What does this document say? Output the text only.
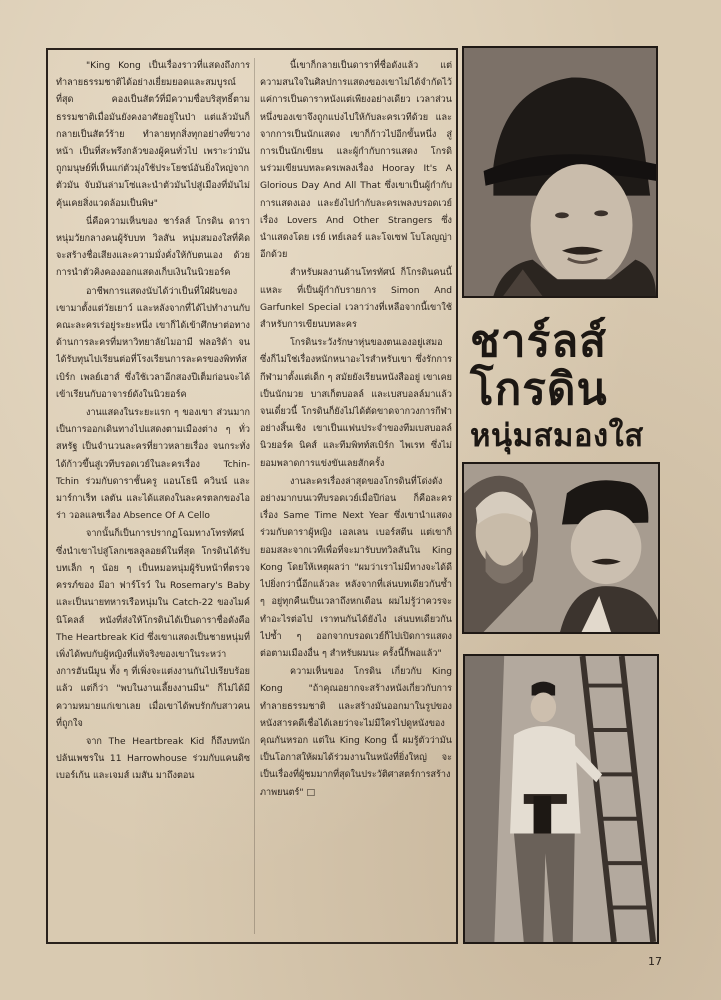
"King Kong เป็นเรื่องราวที่แสดงถึงการทำลายธรรมชาติได้อย่างเยี่ยมยอดและสมบูรณ์ที่สุด คองเป็นสัตว์ที่มีความซื่อบริสุทธิ์ตามธรรมชาติเมื่อมันยังคงอาศัยอยู่ในป่า แต่แล้วมันก็กลายเป็นสัตว์ร้าย ทำลายทุกสิ่งทุกอย่างที่ขวางหน้า เป็นที่สะพรึงกลัวของผู้คนทั่วไป เพราะว่ามันถูกมนุษย์ที่เห็นแก่ตัวมุ่งใช้ประโยชน์อันยิ่งใหญ่จากตัวมัน จับมันล่ามโซ่และนำตัวมันไปสู่เมืองที่มันไม่คุ้นเคยสิ่งแวดล้อมเป็นพิษ"

นี่คือความเห็นของ ชาร์ลส์ โกรดิน ดาราหนุ่มวัยกลางคนผู้รับบท วิลสัน หนุ่มสมองใสที่คิดจะสร้างชื่อเสียงและความมั่งคั่งให้กับตนเอง ด้วยการนำตัวคิงคองออกแสดงเก็บเงินในนิวยอร์ค

อาชีพการแสดงนับได้ว่าเป็นที่ใฝ่ฝันของเขามาตั้งแต่วัยเยาว์ และหลังจากที่ได้ไปทำงานกับคณะละครเร่อยู่ระยะหนึ่ง เขาก็ได้เข้าศึกษาต่อทางด้านการละครที่มหาวิทยาลัยไมอามี ฟลอริด้า จนได้รับทุนไปเรียนต่อที่โรงเรียนการละครของพิทท์สเบิร์ก เพลย์เฮาส์ ซึ่งใช้เวลาอีกสองปีเต็มก่อนจะได้เข้าเรียนกับอาจารย์ดังในนิวยอร์ค

งานแสดงในระยะแรก ๆ ของเขา ส่วนมากเป็นการออกเดินทางไปแสดงตามเมืองต่าง ๆ ทั่วสหรัฐ เป็นจำนวนละครที่ยาวหลายเรื่อง จนกระทั่งได้ก้าวขึ้นสู่เวทีบรอดเวย์ในละครเรื่อง Tchin-Tchin ร่วมกับดาราชั้นครู แอนโธนี ควินน์ และมาร์กาเร็ท เลตัน และได้แสดงในละครตลกของไอร่า วอลแลชเรื่อง Absence Of A Cello

จากนั้นก็เป็นการปรากฏโฉมทางโทรทัศน์ ซึ่งนำเขาไปสู่โลกเซลลูลอยด์ในที่สุด โกรดินได้รับบทเล็ก ๆ น้อย ๆ เป็นหมอหนุ่มผู้รับหน้าที่ตรวจครรภ์ของ มีอา ฟาร์โรว์ ใน Rosemary's Baby และเป็นนายทหารเรือหนุ่มใน Catch-22 ของไมค์ นิโคลส์ หนังที่ส่งให้โกรดินได้เป็นดาราชื่อดังคือ The Heartbreak Kid ซึ่งเขาแสดงเป็นชายหนุ่มที่เพิ่งได้พบกับผู้หญิงที่แท้จริงของเขาในระหว่างการฮันนีมูน ทั้ง ๆ ที่เพิ่งจะแต่งงานกันไปเรียบร้อยแล้ว แต่ก็ว่า "พบในงานเลี้ยงงานมีน" ก็ไม่ได้มีความหมายแก่เขาเลย เมื่อเขาได้พบรักกับสาวคนที่ถูกใจ

จาก The Heartbreak Kid ก็ถึงบทนักปล้นเพชรใน 11 Harrowhouse ร่วมกับแคนดิซ เบอร์เก้น และเจมส์ เมสัน มาถึงตอน

นี้เขาก็กลายเป็นดาราที่ชื่อดังแล้ว แต่ความสนใจในศิลปการแสดงของเขาไม่ได้จำกัดไว้ แค่การเป็นดาราหนังแต่เพียงอย่างเดียว เวลาส่วนหนึ่งของเขาจึงถูกแบ่งไปให้กับละครเวทีด้วย และจากการเป็นนักแสดง เขาก็ก้าวไปอีกขั้นหนึ่ง สู่การเป็นนักเขียน และผู้กำกับการแสดง โกรดินร่วมเขียนบทละครเพลงเรื่อง Hooray It's A Glorious Day And All That ซึ่งเขาเป็นผู้กำกับการแสดงเอง และยังไปกำกับละครเพลงบรอดเวย์เรื่อง Lovers And Other Strangers ซึ่งนำแสดงโดย เรย์ เทย์เลอร์ และโจเซฟ โบโลญญ่า อีกด้วย

สำหรับผลงานด้านโทรทัศน์ ก็โกรดินคนนี้แหละ ที่เป็นผู้กำกับรายการ Simon And Garfunkel Special เวลาว่างที่เหลือจากนี้เขาใช้สำหรับการเขียนบทละคร

โกรดินระวังรักษาหุ่นของตนเองอยู่เสมอ ซึ่งก็ไม่ใช่เรื่องหนักหนาอะไรสำหรับเขา ซึ่งรักการกีฬามาตั้งแต่เด็ก ๆ สมัยยังเรียนหนังสืออยู่ เขาเคยเป็นนักมวย บาสเก็ตบอลล์ และเบสบอลล์มาแล้ว จนเดี๋ยวนี้ โกรดินก็ยังไม่ได้ตัดขาดจากวงการกีฬาอย่างสิ้นเชิง เขาเป็นแฟนประจำของทีมเบสบอลล์ นิวยอร์ค นิคส์ และทีมพิทท์สเบิร์ก ไพเรท ซึ่งไม่ยอมพลาดการแข่งขันเลยสักครั้ง

งานละครเรื่องล่าสุดของโกรดินที่โด่งดังอย่างมากบนเวทีบรอดเวย์เมื่อปีก่อน ก็คือละครเรื่อง Same Time Next Year ซึ่งเขานำแสดงร่วมกับดาราผู้หญิง เอลเลน เบอร์สตีน แต่เขาก็ยอมสละจากเวทีเพื่อที่จะมารับบทวิลสันใน King Kong โดยให้เหตุผลว่า "ผมว่าเราไม่มีทางจะได้ดีไปยิ่งกว่านี้อีกแล้วละ หลังจากที่เล่นบทเดียวกันซ้ำ ๆ อยู่ทุกคืนเป็นเวลาถึงหกเดือน ผมไม่รู้ว่าควรจะทำอะไรต่อไป เราทนกันได้ยังไง เล่นบทเดียวกันไปซ้ำ ๆ ออกจากบรอดเวย์ก็ไปเปิดการแสดงต่อตามเมืองอื่น ๆ สำหรับผมนะ ครั้งนี้ก็พอแล้ว"

ความเห็นของ โกรดิน เกี่ยวกับ King Kong "ถ้าคุณอยากจะสร้างหนังเกี่ยวกับการทำลายธรรมชาติ และสร้างมันออกมาในรูปของหนังสารคดีเชื่อได้เลยว่าจะไม่มีใครไปดูหนังของคุณกันหรอก แต่ใน King Kong นี้ ผมรู้ตัวว่ามันเป็นโอกาสให้ผมได้ร่วมงานในหนังที่ยิ่งใหญ่ จะเป็นเรื่องที่ผู้ชมมากที่สุดในประวัติศาสตร์การสร้างภาพยนตร์" □

ชาร์ลส์
โกรดิน
หนุ่มสมองใส
17
